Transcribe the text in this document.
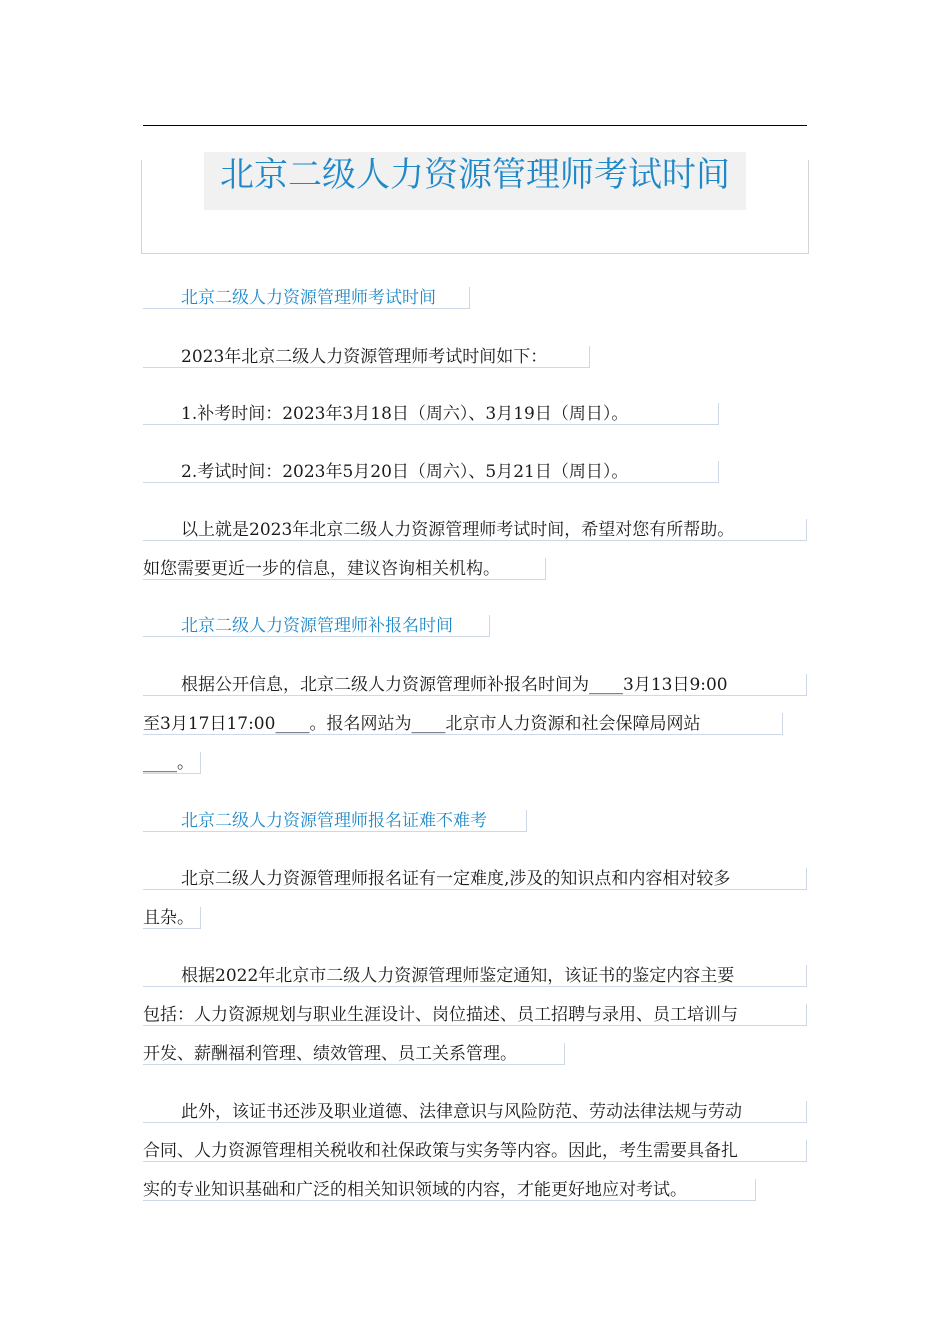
北京二级人力资源管理师考试时间
北京二级人力资源管理师考试时间
2023年北京二级人力资源管理师考试时间如下：
1.补考时间：2023年3月18日（周六）、3月19日（周日）。
2.考试时间：2023年5月20日（周六）、5月21日（周日）。
以上就是2023年北京二级人力资源管理师考试时间，希望对您有所帮助。
如您需要更近一步的信息，建议咨询相关机构。
北京二级人力资源管理师补报名时间
根据公开信息，北京二级人力资源管理师补报名时间为____3月13日9:00
至3月17日17:00____。报名网站为____北京市人力资源和社会保障局网站
____。
北京二级人力资源管理师报名证难不难考
北京二级人力资源管理师报名证有一定难度,涉及的知识点和内容相对较多
且杂。
根据2022年北京市二级人力资源管理师鉴定通知，该证书的鉴定内容主要
包括：人力资源规划与职业生涯设计、岗位描述、员工招聘与录用、员工培训与
开发、薪酬福利管理、绩效管理、员工关系管理。
此外，该证书还涉及职业道德、法律意识与风险防范、劳动法律法规与劳动
合同、人力资源管理相关税收和社保政策与实务等内容。因此，考生需要具备扎
实的专业知识基础和广泛的相关知识领域的内容，才能更好地应对考试。
